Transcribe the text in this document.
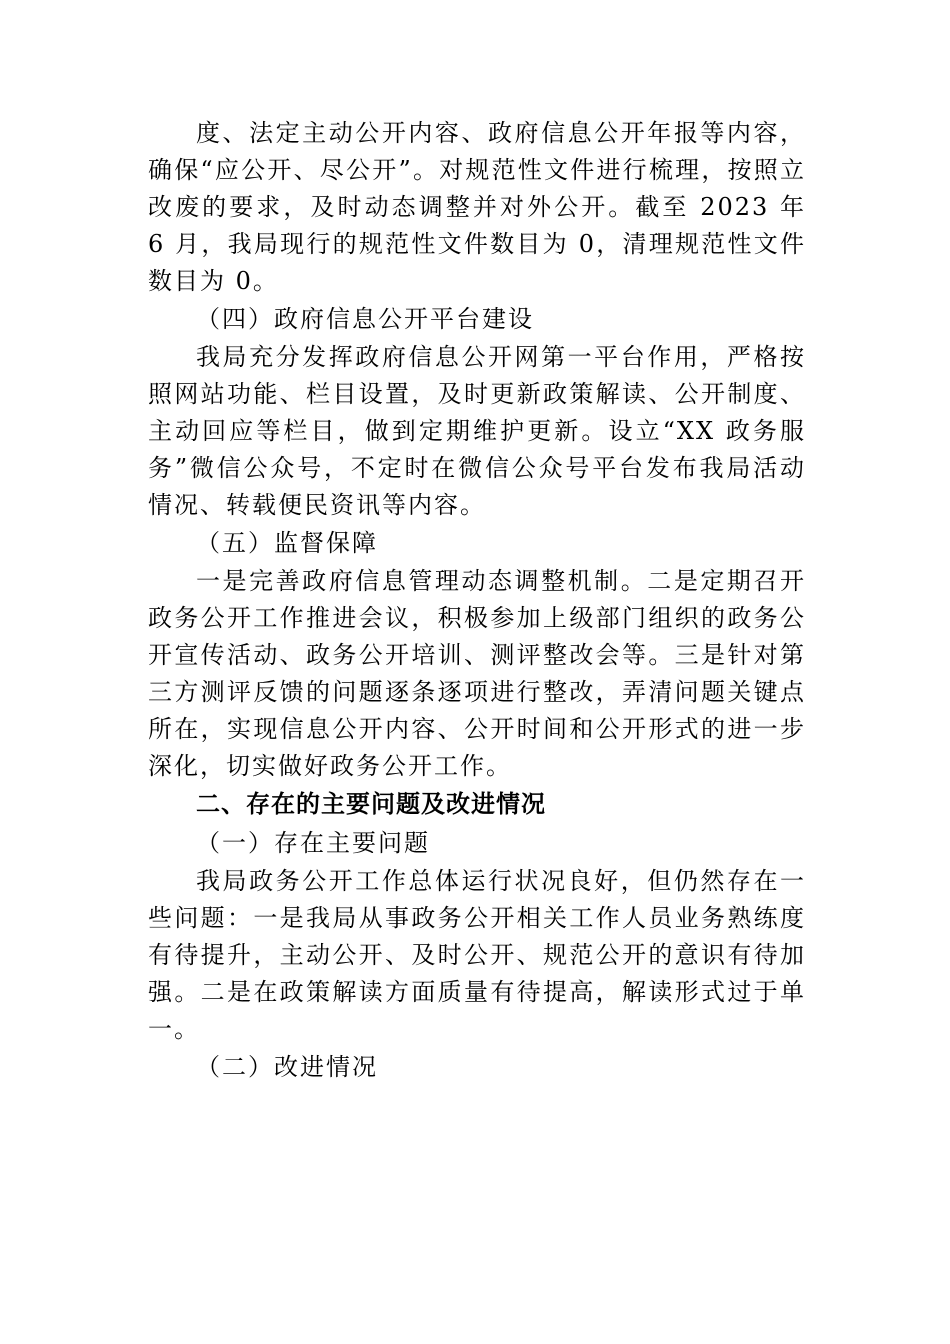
度、法定主动公开内容、政府信息公开年报等内容，确保“应公开、尽公开”。对规范性文件进行梳理，按照立改废的要求，及时动态调整并对外公开。截至 2023 年 6 月，我局现行的规范性文件数目为 0，清理规范性文件数目为 0。

（四）政府信息公开平台建设

我局充分发挥政府信息公开网第一平台作用，严格按照网站功能、栏目设置，及时更新政策解读、公开制度、主动回应等栏目，做到定期维护更新。设立“XX 政务服务”微信公众号，不定时在微信公众号平台发布我局活动情况、转载便民资讯等内容。

（五）监督保障

一是完善政府信息管理动态调整机制。二是定期召开政务公开工作推进会议，积极参加上级部门组织的政务公开宣传活动、政务公开培训、测评整改会等。三是针对第三方测评反馈的问题逐条逐项进行整改，弄清问题关键点所在，实现信息公开内容、公开时间和公开形式的进一步深化，切实做好政务公开工作。

二、存在的主要问题及改进情况

（一）存在主要问题

我局政务公开工作总体运行状况良好，但仍然存在一些问题：一是我局从事政务公开相关工作人员业务熟练度有待提升，主动公开、及时公开、规范公开的意识有待加强。二是在政策解读方面质量有待提高，解读形式过于单一。

（二）改进情况
